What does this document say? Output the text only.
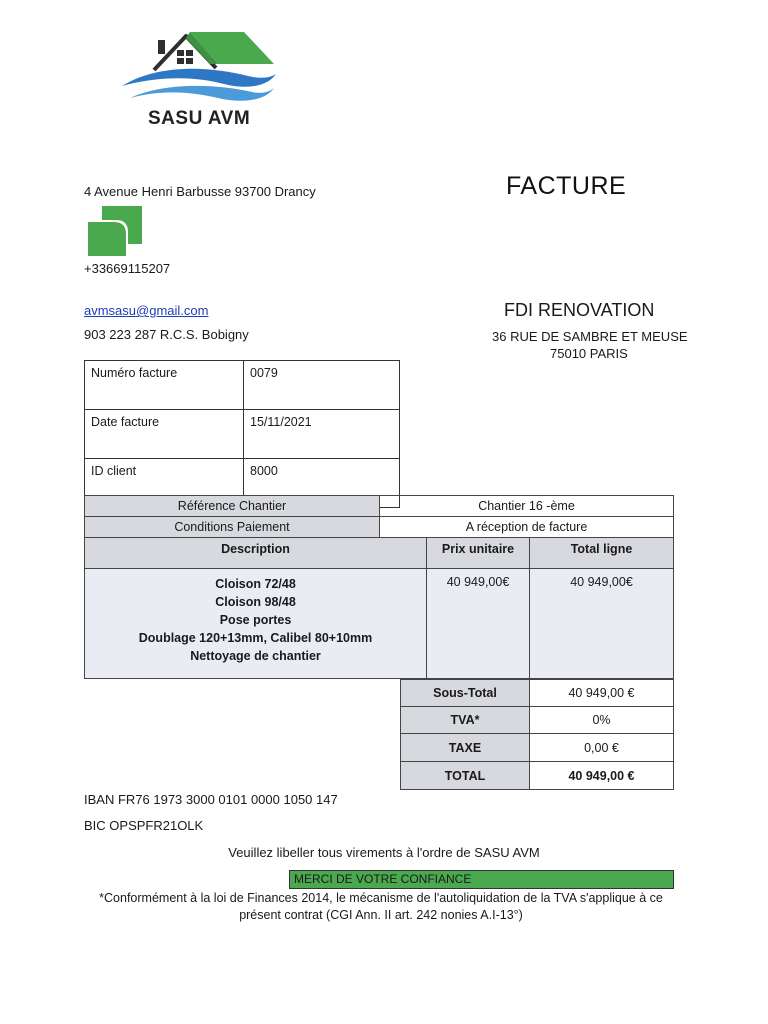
SASU AVM
FACTURE
4 Avenue Henri Barbusse 93700 Drancy
+33669115207
avmsasu@gmail.com
903 223 287 R.C.S. Bobigny
FDI RENOVATION
36 RUE DE SAMBRE ET MEUSE
75010 PARIS
Numéro facture	0079
Date facture	15/11/2021
ID client	8000
Référence Chantier	Chantier 16 -ème
Conditions Paiement	A réception de facture
Description	Prix unitaire	Total ligne
Cloison 72/48
Cloison 98/48
Pose portes
Doublage 120+13mm, Calibel 80+10mm
Nettoyage de chantier
40 949,00€	40 949,00€
Sous-Total	40 949,00 €
TVA*	0%
TAXE	0,00 €
TOTAL	40 949,00 €
IBAN FR76 1973 3000 0101 0000 1050 147
BIC OPSPFR21OLK
Veuillez libeller tous virements à l'ordre de SASU AVM
MERCI DE VOTRE CONFIANCE
*Conformément à la loi de Finances 2014, le mécanisme de l'autoliquidation de la TVA s'applique à ce présent contrat (CGI Ann. II art. 242 nonies A.I-13°)
